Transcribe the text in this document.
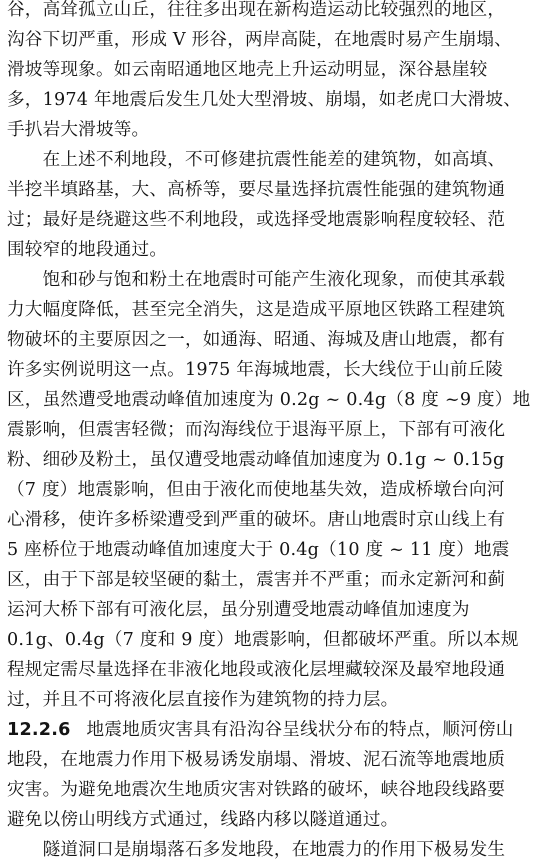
谷，高耸孤立山丘，往往多出现在新构造运动比较强烈的地区，
沟谷下切严重，形成 V 形谷，两岸高陡，在地震时易产生崩塌、
滑坡等现象。如云南昭通地区地壳上升运动明显，深谷悬崖较
多，1974 年地震后发生几处大型滑坡、崩塌，如老虎口大滑坡、
手扒岩大滑坡等。
　　在上述不利地段，不可修建抗震性能差的建筑物，如高填、
半挖半填路基，大、高桥等，要尽量选择抗震性能强的建筑物通
过；最好是绕避这些不利地段，或选择受地震影响程度较轻、范
围较窄的地段通过。
　　饱和砂与饱和粉土在地震时可能产生液化现象，而使其承载
力大幅度降低，甚至完全消失，这是造成平原地区铁路工程建筑
物破坏的主要原因之一，如通海、昭通、海城及唐山地震，都有
许多实例说明这一点。1975 年海城地震，长大线位于山前丘陵
区，虽然遭受地震动峰值加速度为 0.2g ~ 0.4g（8 度 ~9 度）地
震影响，但震害轻微；而沟海线位于退海平原上，下部有可液化
粉、细砂及粉土，虽仅遭受地震动峰值加速度为 0.1g ~ 0.15g
（7 度）地震影响，但由于液化而使地基失效，造成桥墩台向河
心滑移，使许多桥梁遭受到严重的破坏。唐山地震时京山线上有
5 座桥位于地震动峰值加速度大于 0.4g（10 度 ~ 11 度）地震
区，由于下部是较坚硬的黏土，震害并不严重；而永定新河和蓟
运河大桥下部有可液化层，虽分别遭受地震动峰值加速度为
0.1g、0.4g（7 度和 9 度）地震影响，但都破坏严重。所以本规
程规定需尽量选择在非液化地段或液化层埋藏较深及最窄地段通
过，并且不可将液化层直接作为建筑物的持力层。
12.2.6 地震地质灾害具有沿沟谷呈线状分布的特点，顺河傍山
地段，在地震力作用下极易诱发崩塌、滑坡、泥石流等地震地质
灾害。为避免地震次生地质灾害对铁路的破坏，峡谷地段线路要
避免以傍山明线方式通过，线路内移以隧道通过。
　　隧道洞口是崩塌落石多发地段，在地震力的作用下极易发生
